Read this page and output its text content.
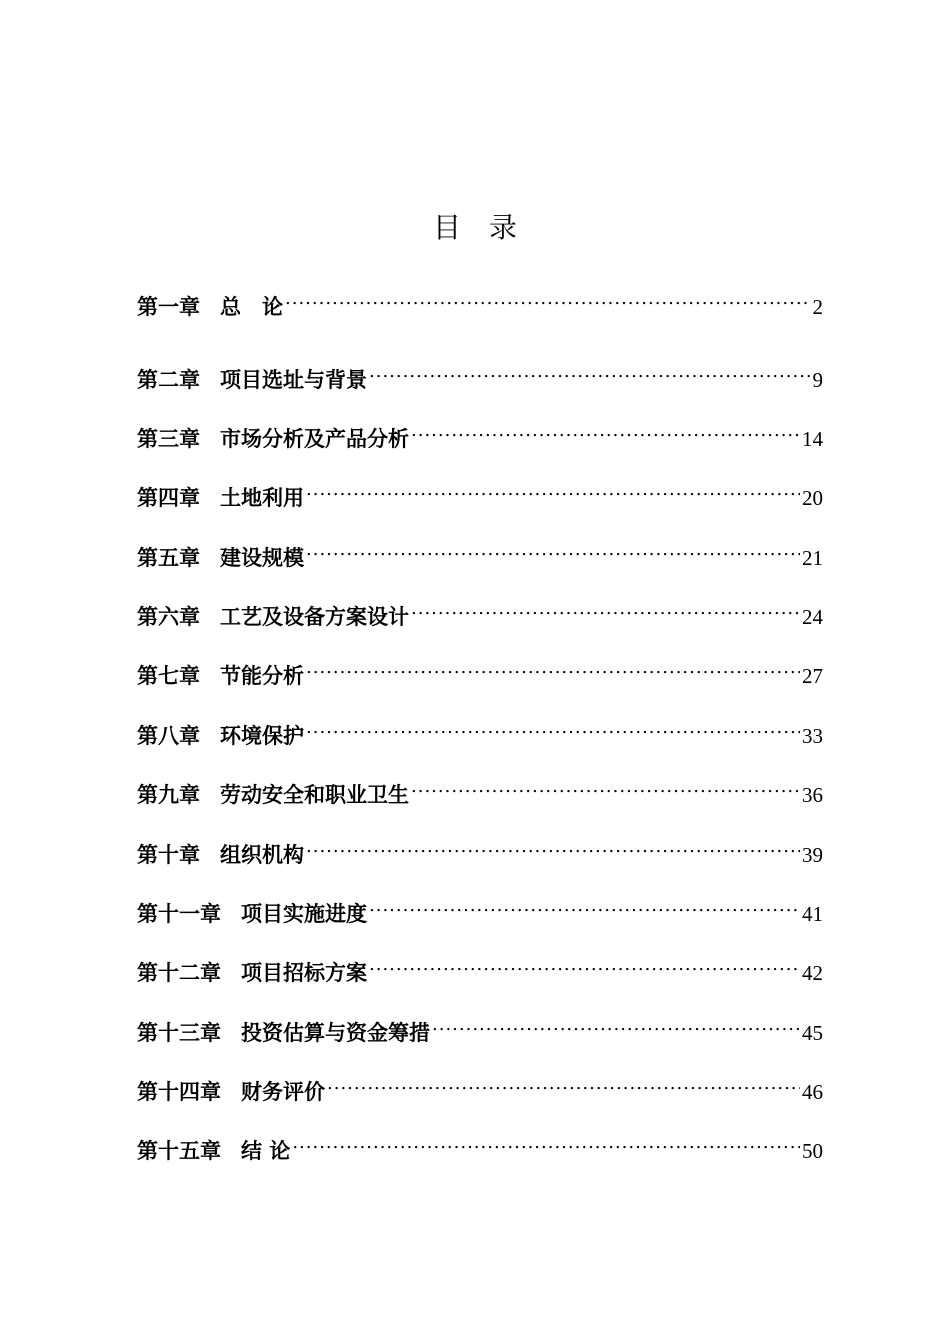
目　录
第一章 总　论 .....	2
第二章 项目选址与背景 .....	9
第三章 市场分析及产品分析 .....	14
第四章 土地利用 .....	20
第五章 建设规模 .....	21
第六章 工艺及设备方案设计 .....	24
第七章 节能分析 .....	27
第八章 环境保护 .....	33
第九章 劳动安全和职业卫生 .....	36
第十章 组织机构 .....	39
第十一章 项目实施进度 .....	41
第十二章 项目招标方案 .....	42
第十三章 投资估算与资金筹措 .....	45
第十四章 财务评价 .....	46
第十五章 结 论 .....	50
